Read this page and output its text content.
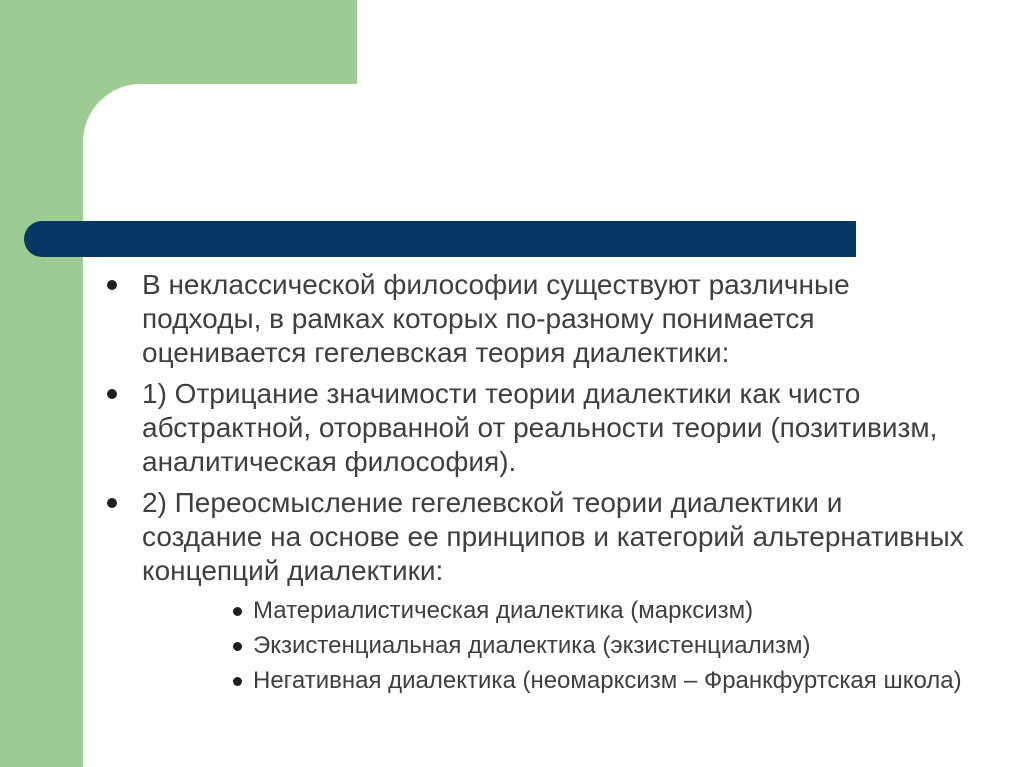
В неклассической философии существуют различные подходы, в рамках которых по-разному понимается оценивается гегелевская теория диалектики:
1) Отрицание значимости теории диалектики как чисто абстрактной, оторванной от реальности теории (позитивизм, аналитическая философия).
2) Переосмысление гегелевской теории диалектики и создание на основе ее принципов и категорий альтернативных концепций диалектики:
Материалистическая диалектика (марксизм)
Экзистенциальная диалектика (экзистенциализм)
Негативная диалектика (неомарксизм – Франкфуртская школа)
